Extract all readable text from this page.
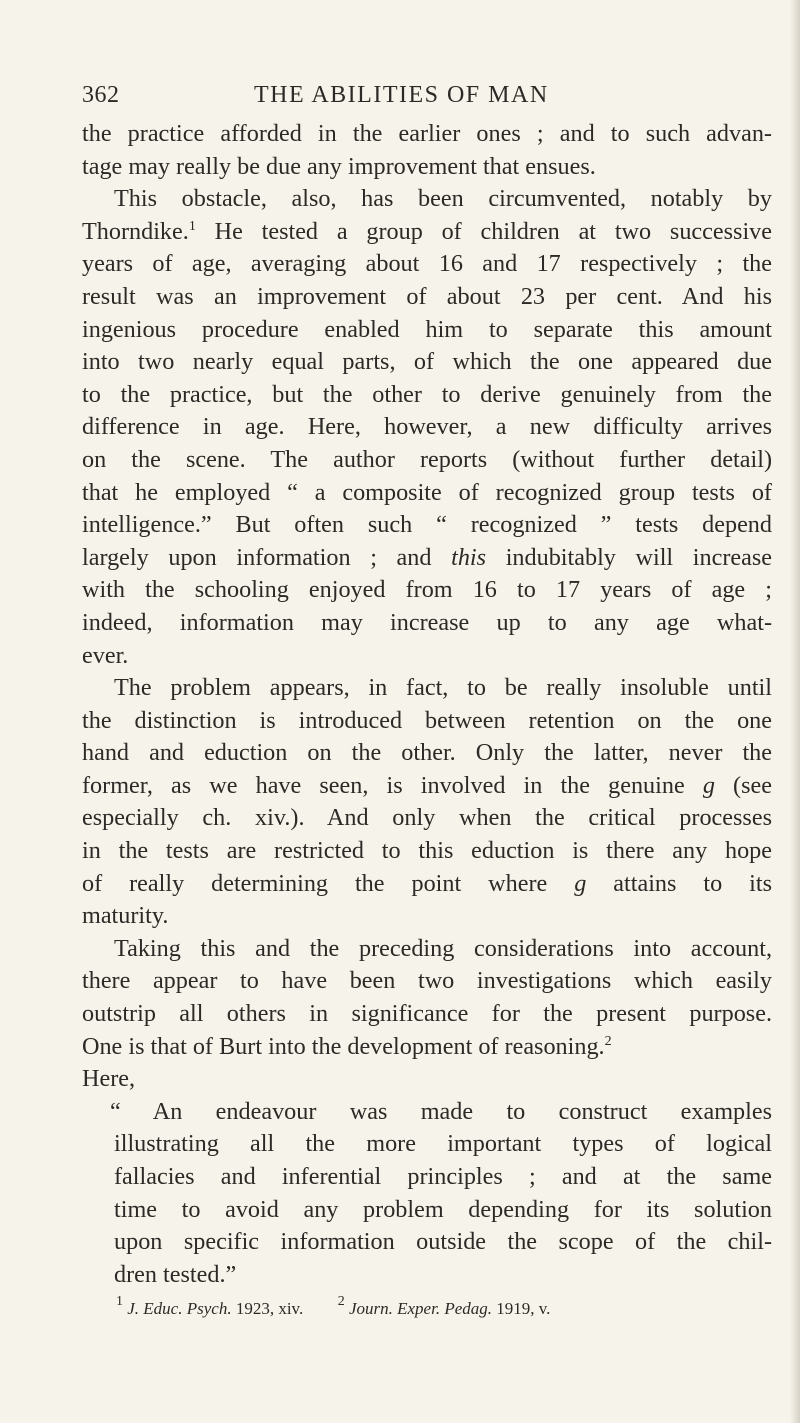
362	THE ABILITIES OF MAN
the practice afforded in the earlier ones ; and to such advan-
tage may really be due any improvement that ensues.
This obstacle, also, has been circumvented, notably by
Thorndike.$^1$ He tested a group of children at two successive
years of age, averaging about 16 and 17 respectively ; the
result was an improvement of about 23 per cent. And his
ingenious procedure enabled him to separate this amount
into two nearly equal parts, of which the one appeared due
to the practice, but the other to derive genuinely from the
difference in age. Here, however, a new difficulty arrives
on the scene. The author reports (without further detail)
that he employed “ a composite of recognized group tests of
intelligence.” But often such “ recognized ” tests depend
largely upon information ; and this indubitably will increase
with the schooling enjoyed from 16 to 17 years of age ;
indeed, information may increase up to any age what-
ever.
The problem appears, in fact, to be really insoluble until
the distinction is introduced between retention on the one
hand and eduction on the other. Only the latter, never the
former, as we have seen, is involved in the genuine g (see
especially ch. xiv.). And only when the critical processes
in the tests are restricted to this eduction is there any hope
of really determining the point where g attains to its
maturity.
Taking this and the preceding considerations into account,
there appear to have been two investigations which easily
outstrip all others in significance for the present purpose.
One is that of Burt into the development of reasoning.$^2$
Here,
“ An endeavour was made to construct examples
illustrating all the more important types of logical
fallacies and inferential principles ; and at the same
time to avoid any problem depending for its solution
upon specific information outside the scope of the chil-
dren tested.”
$^1$ J. Educ. Psych. 1923, xiv. $^2$ Journ. Exper. Pedag. 1919, v.
